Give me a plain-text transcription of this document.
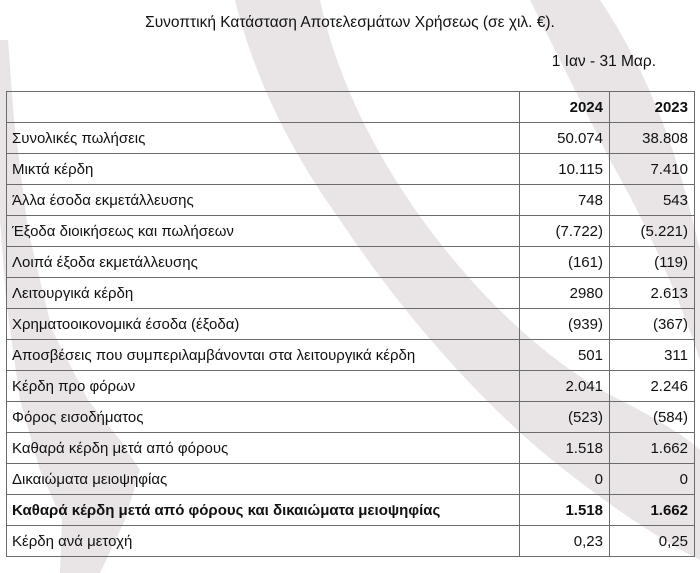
Συνοπτική Κατάσταση Αποτελεσμάτων Χρήσεως (σε χιλ. €).
1 Ιαν - 31 Μαρ.
	2024	2023
Συνολικές πωλήσεις	50.074	38.808
Μικτά κέρδη	10.115	7.410
Άλλα έσοδα εκμετάλλευσης	748	543
Έξοδα διοικήσεως και πωλήσεων	(7.722)	(5.221)
Λοιπά έξοδα εκμετάλλευσης	(161)	(119)
Λειτουργικά κέρδη	2980	2.613
Χρηματοοικονομικά έσοδα (έξοδα)	(939)	(367)
Αποσβέσεις που συμπεριλαμβάνονται στα λειτουργικά κέρδη	501	311
Κέρδη προ φόρων	2.041	2.246
Φόρος εισοδήματος	(523)	(584)
Καθαρά κέρδη μετά από φόρους	1.518	1.662
Δικαιώματα μειοψηφίας	0	0
Καθαρά κέρδη μετά από φόρους και δικαιώματα μειοψηφίας	1.518	1.662
Κέρδη ανά μετοχή	0,23	0,25
